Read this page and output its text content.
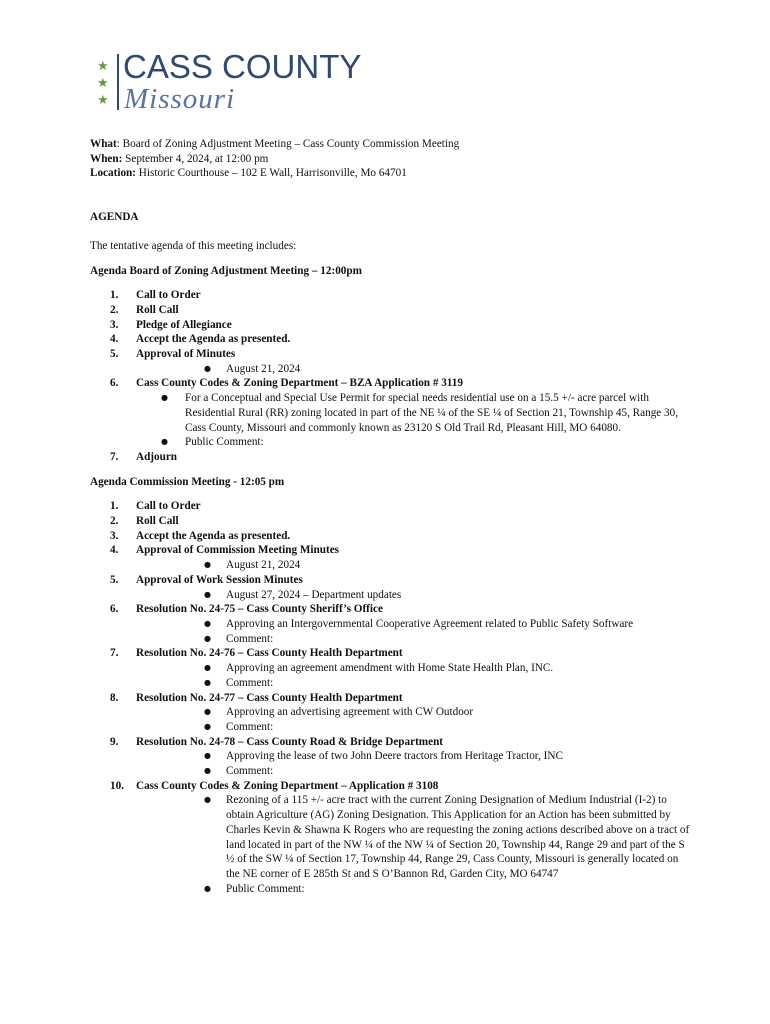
★
★
★
CASS COUNTY
Missouri

What: Board of Zoning Adjustment Meeting – Cass County Commission Meeting

When: September 4, 2024, at 12:00 pm

Location: Historic Courthouse – 102 E Wall, Harrisonville, Mo 64701

AGENDA
The tentative agenda of this meeting includes:
Agenda Board of Zoning Adjustment Meeting – 12:00pm
1. Call to Order
2. Roll Call
3. Pledge of Allegiance
4. Accept the Agenda as presented.
5. Approval of Minutes
● August 21, 2024
6. Cass County Codes & Zoning Department – BZA Application # 3119
● For a Conceptual and Special Use Permit for special needs residential use on a 15.5 +/- acre parcel with Residential Rural (RR) zoning located in part of the NE ¼ of the SE ¼ of Section 21, Township 45, Range 30, Cass County, Missouri and commonly known as 23120 S Old Trail Rd, Pleasant Hill, MO 64080.
● Public Comment:
7. Adjourn
Agenda Commission Meeting - 12:05 pm
1. Call to Order
2. Roll Call
3. Accept the Agenda as presented.
4. Approval of Commission Meeting Minutes
● August 21, 2024
5. Approval of Work Session Minutes
● August 27, 2024 – Department updates
6. Resolution No. 24-75 – Cass County Sheriff’s Office
● Approving an Intergovernmental Cooperative Agreement related to Public Safety Software
● Comment:
7. Resolution No. 24-76 – Cass County Health Department
● Approving an agreement amendment with Home State Health Plan, INC.
● Comment:
8. Resolution No. 24-77 – Cass County Health Department
● Approving an advertising agreement with CW Outdoor
● Comment:
9. Resolution No. 24-78 – Cass County Road & Bridge Department
● Approving the lease of two John Deere tractors from Heritage Tractor, INC
● Comment:
10. Cass County Codes & Zoning Department – Application # 3108
● Rezoning of a 115 +/- acre tract with the current Zoning Designation of Medium Industrial (I-2) to obtain Agriculture (AG) Zoning Designation. This Application for an Action has been submitted by Charles Kevin & Shawna K Rogers who are requesting the zoning actions described above on a tract of land located in part of the NW ¼ of the NW ¼ of Section 20, Township 44, Range 29 and part of the S ½ of the SW ¼ of Section 17, Township 44, Range 29, Cass County, Missouri is generally located on the NE corner of E 285th St and S O’Bannon Rd, Garden City, MO 64747
● Public Comment:
